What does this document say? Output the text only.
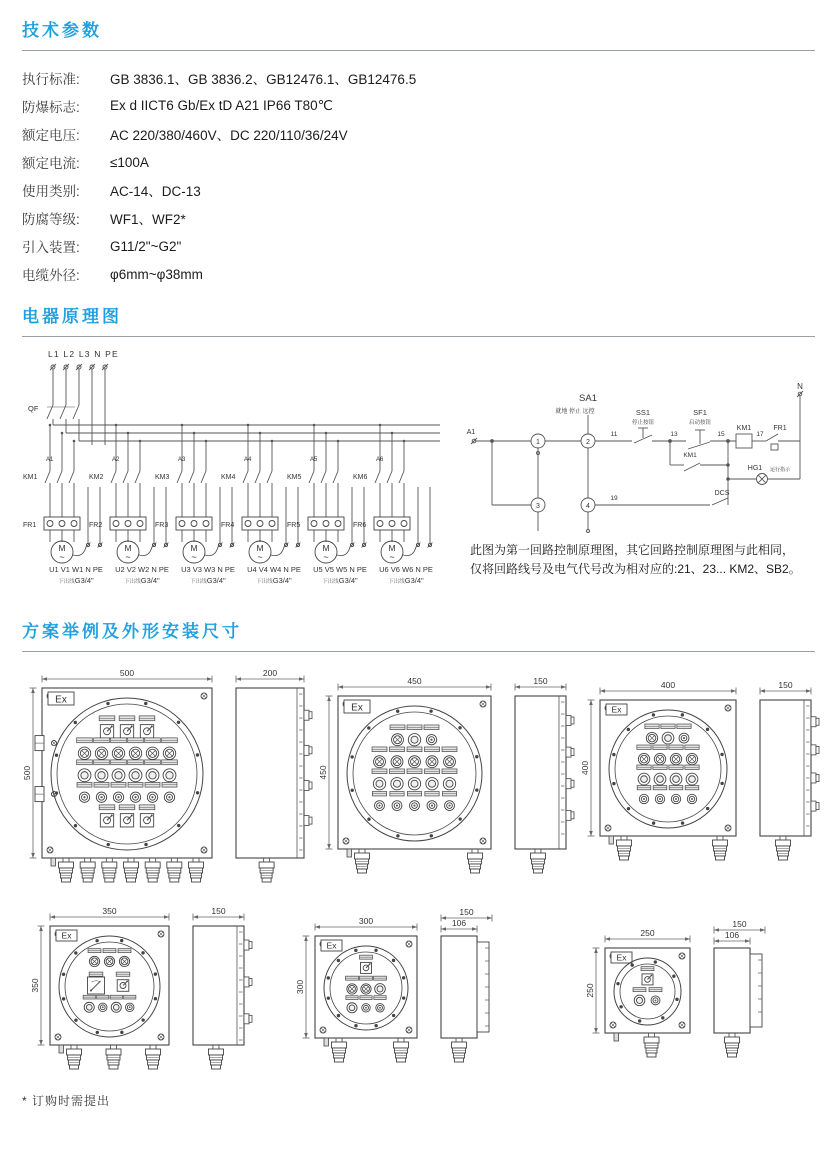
技术参数
执行标准:	GB 3836.1、GB 3836.2、GB12476.1、GB12476.5
防爆标志:	Ex d IICT6 Gb/Ex tD A21 IP66 T80℃
额定电压:	AC 220/380/460V、DC 220/110/36/24V
额定电流:	≤100A
使用类别:	AC-14、DC-13
防腐等级:	WF1、WF2*
引入装置:	G11/2"~G2"
电缆外径:	φ6mm~φ38mm
电器原理图
L1 L2 L3 N PE
QF
A1
KM1
FR1
M
~
U1 V1 W1 N PE
下出线G3/4"
A2
KM2
FR2
M
~
U2 V2 W2 N PE
下出线G3/4"
A3
KM3
FR3
M
~
U3 V3 W3 N PE
下出线G3/4"
A4
KM4
FR4
M
~
U4 V4 W4 N PE
下出线G3/4"
A5
KM5
FR5
M
~
U5 V5 W5 N PE
下出线G3/4"
A6
KM6
FR6
M
~
U6 V6 W6 N PE
下出线G3/4"
A1
1	2
SA1
就地 停止 远控
3	4
11
SS1
停止按钮
13
SF1
启动按钮
15
KM1
17
FR1
N
KM1
HG1 运行指示
19
DCS
此图为第一回路控制原理图，其它回路控制原理图与此相同，
仅将回路线号及电气代号改为相对应的:21、23... KM2、SB2。
方案举例及外形安装尺寸
500
500
Ex
200
450
450
Ex
150	400
400
Ex
150
350
350
Ex
150
300
300
Ex
150
106
250
250
Ex
150
106
* 订购时需提出
